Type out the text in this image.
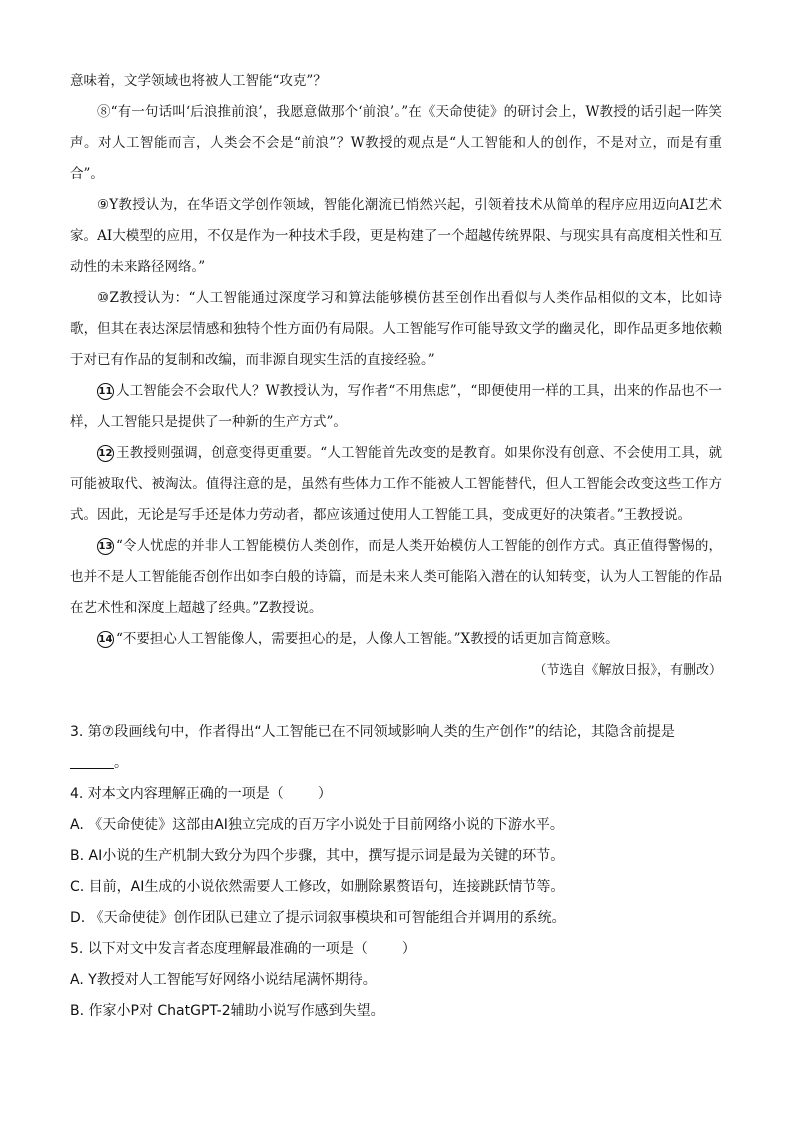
意味着，文学领域也将被人工智能“攻克”？

⑧“有一句话叫‘后浪推前浪’，我愿意做那个‘前浪’。”在《天命使徒》的研讨会上，W教授的话引起一阵笑声。对人工智能而言，人类会不会是“前浪”？W教授的观点是“人工智能和人的创作，不是对立，而是有重合”。

⑨Y教授认为，在华语文学创作领域，智能化潮流已悄然兴起，引领着技术从简单的程序应用迈向AI艺术家。AI大模型的应用，不仅是作为一种技术手段，更是构建了一个超越传统界限、与现实具有高度相关性和互动性的未来路径网络。”

⑩Z教授认为：“人工智能通过深度学习和算法能够模仿甚至创作出看似与人类作品相似的文本，比如诗歌，但其在表达深层情感和独特个性方面仍有局限。人工智能写作可能导致文学的幽灵化，即作品更多地依赖于对已有作品的复制和改编，而非源自现实生活的直接经验。”

11 人工智能会不会取代人？W教授认为，写作者“不用焦虑”，“即便使用一样的工具，出来的作品也不一样，人工智能只是提供了一种新的生产方式”。

12 王教授则强调，创意变得更重要。“人工智能首先改变的是教育。如果你没有创意、不会使用工具，就可能被取代、被淘汰。值得注意的是，虽然有些体力工作不能被人工智能替代，但人工智能会改变这些工作方式。因此，无论是写手还是体力劳动者，都应该通过使用人工智能工具，变成更好的决策者。”王教授说。

13 “令人忧虑的并非人工智能模仿人类创作，而是人类开始模仿人工智能的创作方式。真正值得警惕的，也并不是人工智能能否创作出如李白般的诗篇，而是未来人类可能陷入潜在的认知转变，认为人工智能的作品在艺术性和深度上超越了经典。”Z教授说。

14 “不要担心人工智能像人，需要担心的是，人像人工智能。”X教授的话更加言简意赅。

（节选自《解放日报》，有删改）

3. 第⑦段画线句中，作者得出“人工智能已在不同领域影响人类的生产创作”的结论，其隐含前提是

。

4. 对本文内容理解正确的一项是（ ）

A. 《天命使徒》这部由AI独立完成的百万字小说处于目前网络小说的下游水平。

B. AI小说的生产机制大致分为四个步骤，其中，撰写提示词是最为关键的环节。

C. 目前，AI生成的小说依然需要人工修改，如删除累赘语句，连接跳跃情节等。

D. 《天命使徒》创作团队已建立了提示词叙事模块和可智能组合并调用的系统。

5. 以下对文中发言者态度理解最准确的一项是（ ）

A. Y教授对人工智能写好网络小说结尾满怀期待。

B. 作家小P对 ChatGPT-2辅助小说写作感到失望。
